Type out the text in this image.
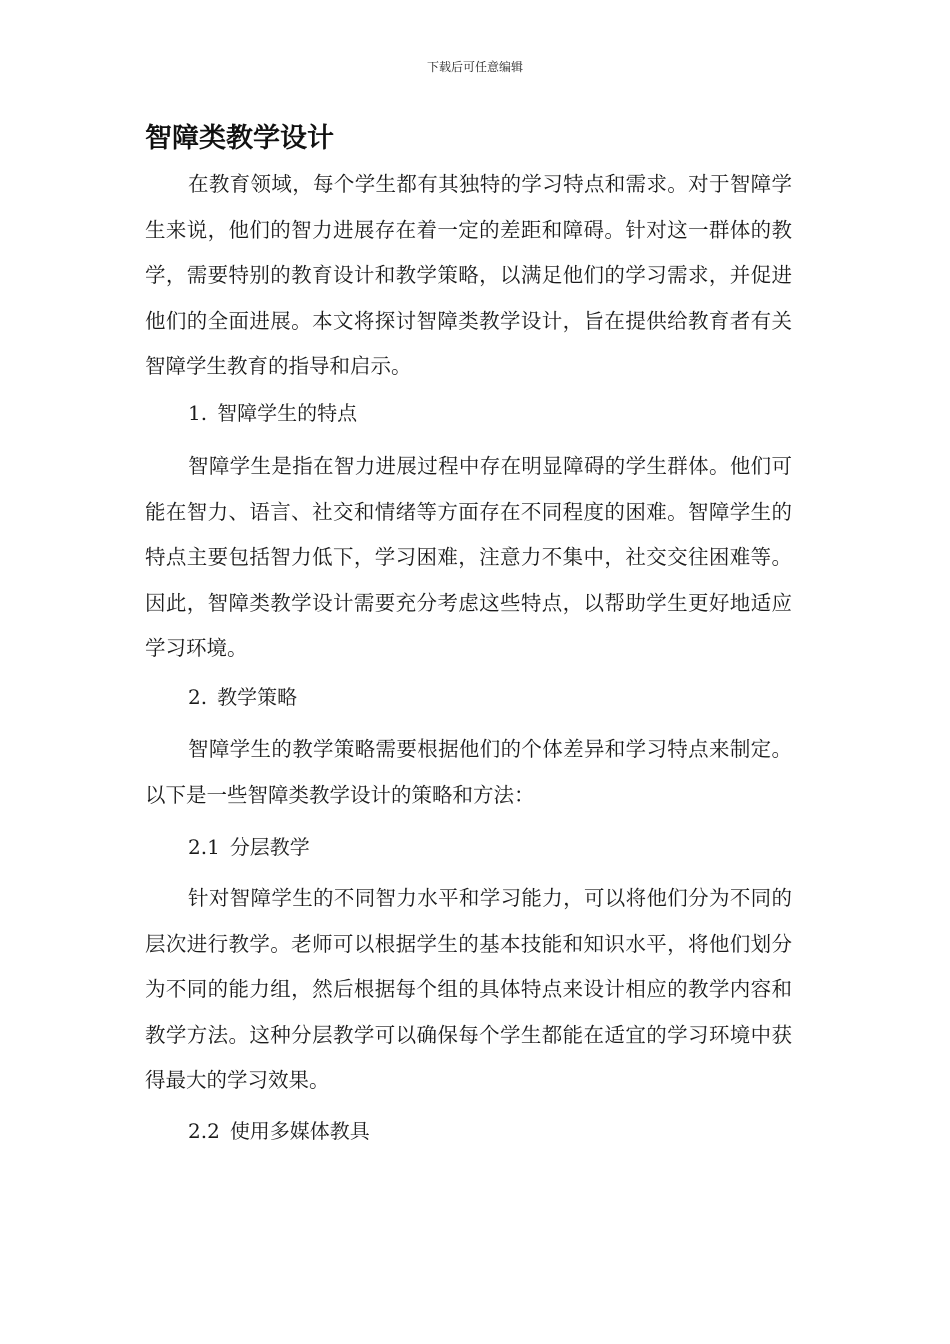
下载后可任意编辑
智障类教学设计

在教育领域，每个学生都有其独特的学习特点和需求。对于智障学生来说，他们的智力进展存在着一定的差距和障碍。针对这一群体的教学，需要特别的教育设计和教学策略，以满足他们的学习需求，并促进他们的全面进展。本文将探讨智障类教学设计，旨在提供给教育者有关智障学生教育的指导和启示。

1. 智障学生的特点

智障学生是指在智力进展过程中存在明显障碍的学生群体。他们可能在智力、语言、社交和情绪等方面存在不同程度的困难。智障学生的特点主要包括智力低下，学习困难，注意力不集中，社交交往困难等。因此，智障类教学设计需要充分考虑这些特点，以帮助学生更好地适应学习环境。

2. 教学策略

智障学生的教学策略需要根据他们的个体差异和学习特点来制定。以下是一些智障类教学设计的策略和方法：

2.1 分层教学

针对智障学生的不同智力水平和学习能力，可以将他们分为不同的层次进行教学。老师可以根据学生的基本技能和知识水平，将他们划分为不同的能力组，然后根据每个组的具体特点来设计相应的教学内容和教学方法。这种分层教学可以确保每个学生都能在适宜的学习环境中获得最大的学习效果。

2.2 使用多媒体教具
